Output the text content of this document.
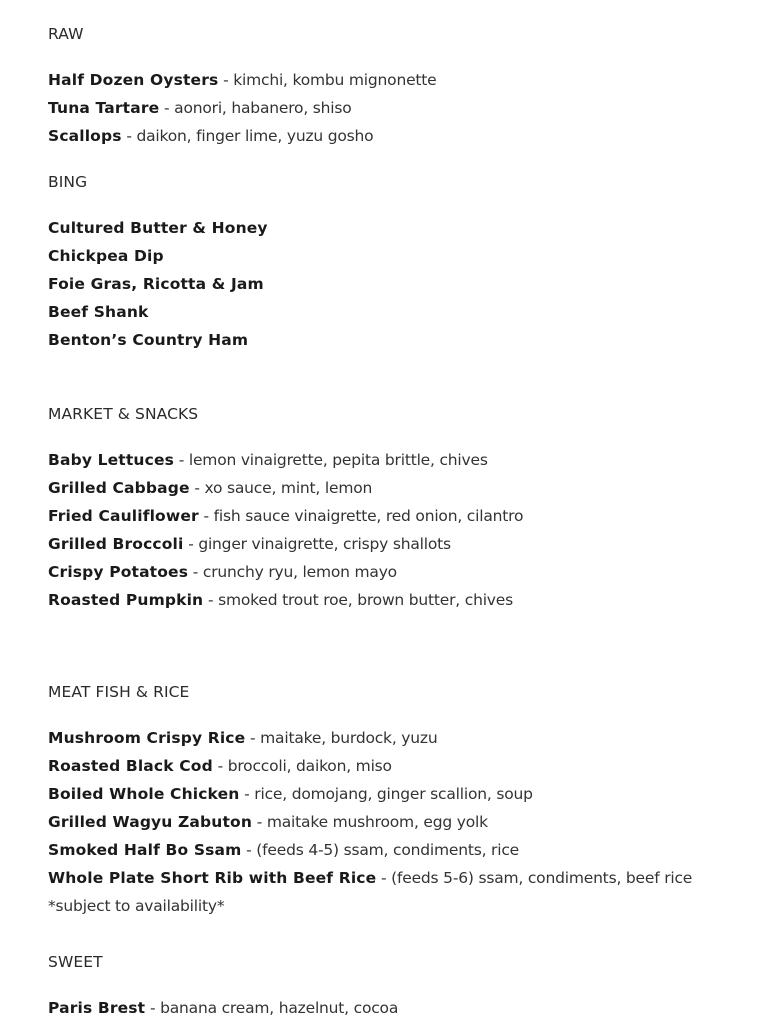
RAW
Half Dozen Oysters - kimchi, kombu mignonette
Tuna Tartare - aonori, habanero, shiso
Scallops - daikon, finger lime, yuzu gosho
BING
Cultured Butter & Honey
Chickpea Dip
Foie Gras, Ricotta & Jam
Beef Shank
Benton’s Country Ham
MARKET & SNACKS
Baby Lettuces - lemon vinaigrette, pepita brittle, chives
Grilled Cabbage - xo sauce, mint, lemon
Fried Cauliflower - fish sauce vinaigrette, red onion, cilantro
Grilled Broccoli - ginger vinaigrette, crispy shallots
Crispy Potatoes - crunchy ryu, lemon mayo
Roasted Pumpkin - smoked trout roe, brown butter, chives
MEAT FISH & RICE
Mushroom Crispy Rice - maitake, burdock, yuzu
Roasted Black Cod - broccoli, daikon, miso
Boiled Whole Chicken - rice, domojang, ginger scallion, soup
Grilled Wagyu Zabuton - maitake mushroom, egg yolk
Smoked Half Bo Ssam - (feeds 4-5) ssam, condiments, rice
Whole Plate Short Rib with Beef Rice - (feeds 5-6) ssam, condiments, beef rice *subject to availability*
SWEET
Paris Brest - banana cream, hazelnut, cocoa
